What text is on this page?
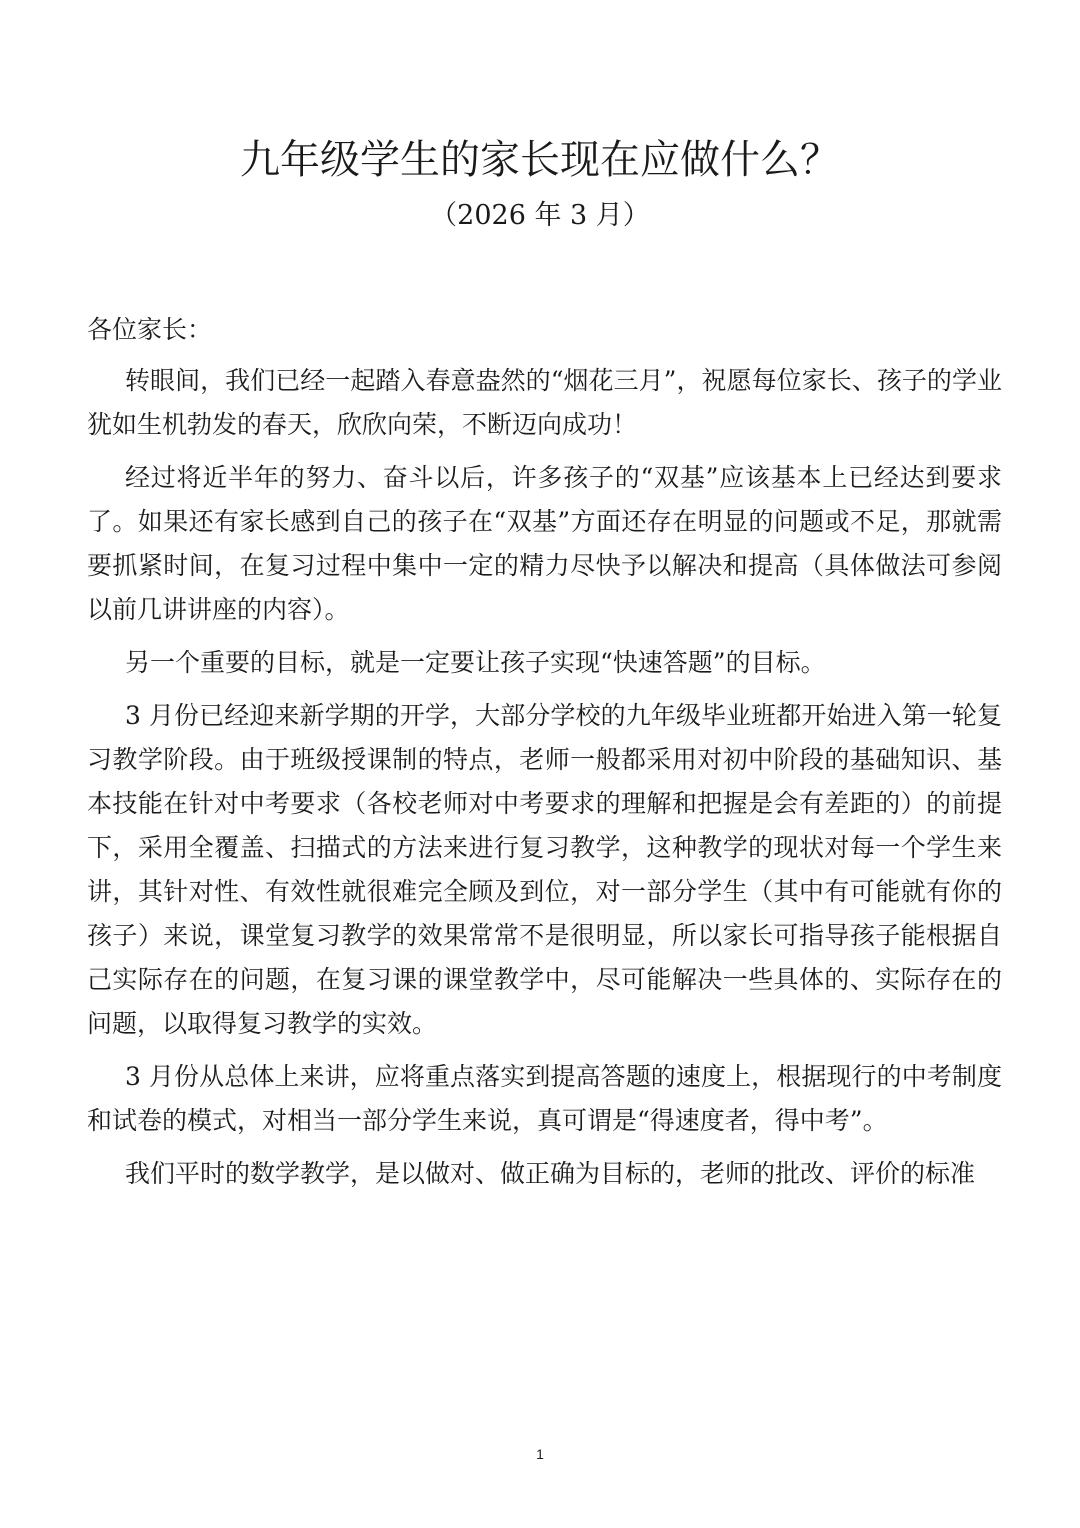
九年级学生的家长现在应做什么？
（2026 年 3 月）

各位家长：

转眼间，我们已经一起踏入春意盎然的“烟花三月”，祝愿每位家长、孩子的学业犹如生机勃发的春天，欣欣向荣，不断迈向成功！

经过将近半年的努力、奋斗以后，许多孩子的“双基”应该基本上已经达到要求了。如果还有家长感到自己的孩子在“双基”方面还存在明显的问题或不足，那就需要抓紧时间，在复习过程中集中一定的精力尽快予以解决和提高（具体做法可参阅以前几讲讲座的内容）。

另一个重要的目标，就是一定要让孩子实现“快速答题”的目标。

3 月份已经迎来新学期的开学，大部分学校的九年级毕业班都开始进入第一轮复习教学阶段。由于班级授课制的特点，老师一般都采用对初中阶段的基础知识、基本技能在针对中考要求（各校老师对中考要求的理解和把握是会有差距的）的前提下，采用全覆盖、扫描式的方法来进行复习教学，这种教学的现状对每一个学生来讲，其针对性、有效性就很难完全顾及到位，对一部分学生（其中有可能就有你的孩子）来说，课堂复习教学的效果常常不是很明显，所以家长可指导孩子能根据自己实际存在的问题，在复习课的课堂教学中，尽可能解决一些具体的、实际存在的问题，以取得复习教学的实效。

3 月份从总体上来讲，应将重点落实到提高答题的速度上，根据现行的中考制度和试卷的模式，对相当一部分学生来说，真可谓是“得速度者，得中考”。

我们平时的数学教学，是以做对、做正确为目标的，老师的批改、评价的标准

1
